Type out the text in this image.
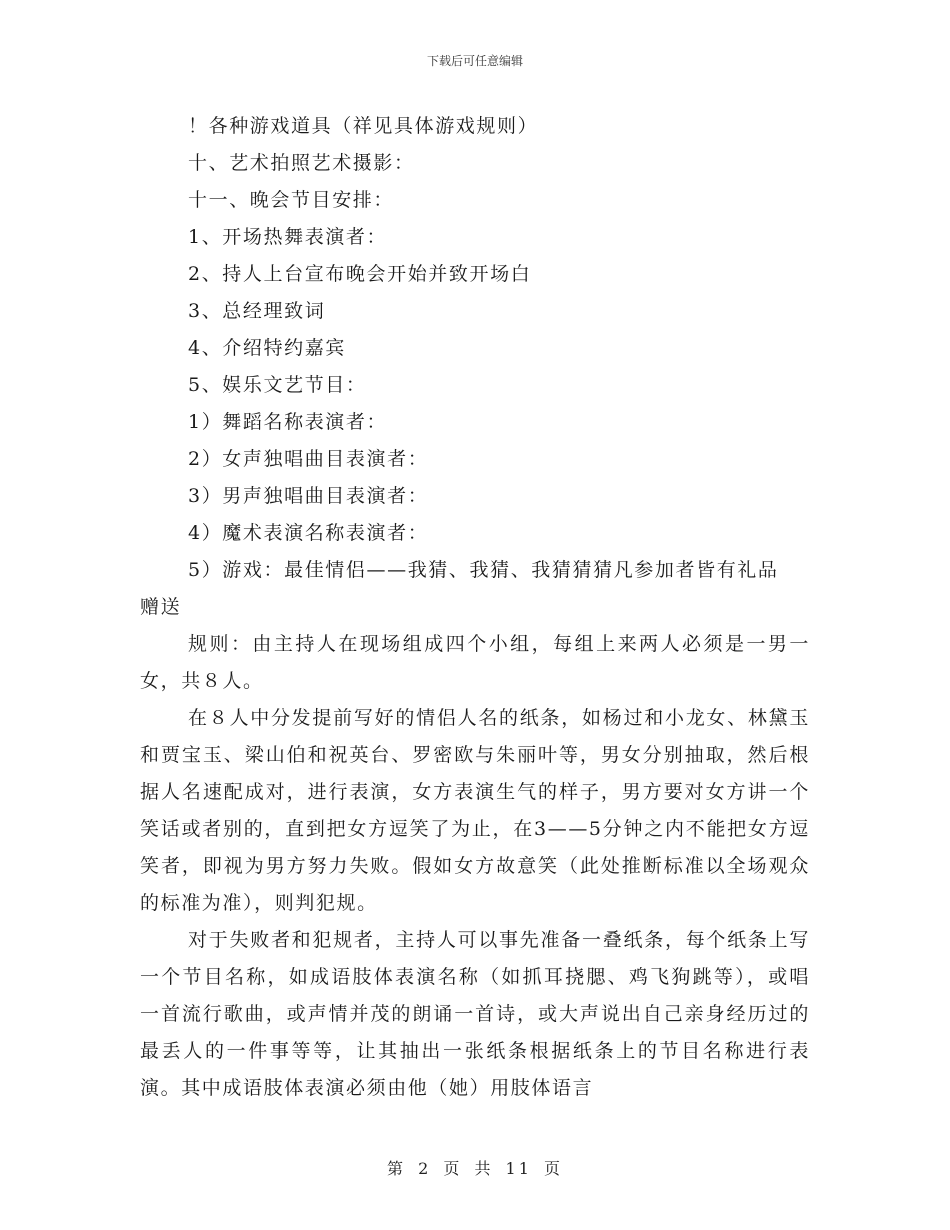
下载后可任意编辑
！各种游戏道具（祥见具体游戏规则）
十、艺术拍照艺术摄影：
十一、晚会节目安排：
1、开场热舞表演者：
2、持人上台宣布晚会开始并致开场白
3、总经理致词
4、介绍特约嘉宾
5、娱乐文艺节目：
1）舞蹈名称表演者：
2）女声独唱曲目表演者：
3）男声独唱曲目表演者：
4）魔术表演名称表演者：
5）游戏：最佳情侣——我猜、我猜、我猜猜猜凡参加者皆有礼品
赠送

规则：由主持人在现场组成四个小组，每组上来两人必须是一男一女，共８人。

在８人中分发提前写好的情侣人名的纸条，如杨过和小龙女、林黛玉和贾宝玉、梁山伯和祝英台、罗密欧与朱丽叶等，男女分别抽取，然后根据人名速配成对，进行表演，女方表演生气的样子，男方要对女方讲一个笑话或者别的，直到把女方逗笑了为止，在3——5分钟之内不能把女方逗笑者，即视为男方努力失败。假如女方故意笑（此处推断标准以全场观众的标准为准），则判犯规。

对于失败者和犯规者，主持人可以事先准备一叠纸条，每个纸条上写一个节目名称，如成语肢体表演名称（如抓耳挠腮、鸡飞狗跳等），或唱一首流行歌曲，或声情并茂的朗诵一首诗，或大声说出自己亲身经历过的最丢人的一件事等等，让其抽出一张纸条根据纸条上的节目名称进行表演。其中成语肢体表演必须由他（她）用肢体语言

第 2 页 共 11 页
